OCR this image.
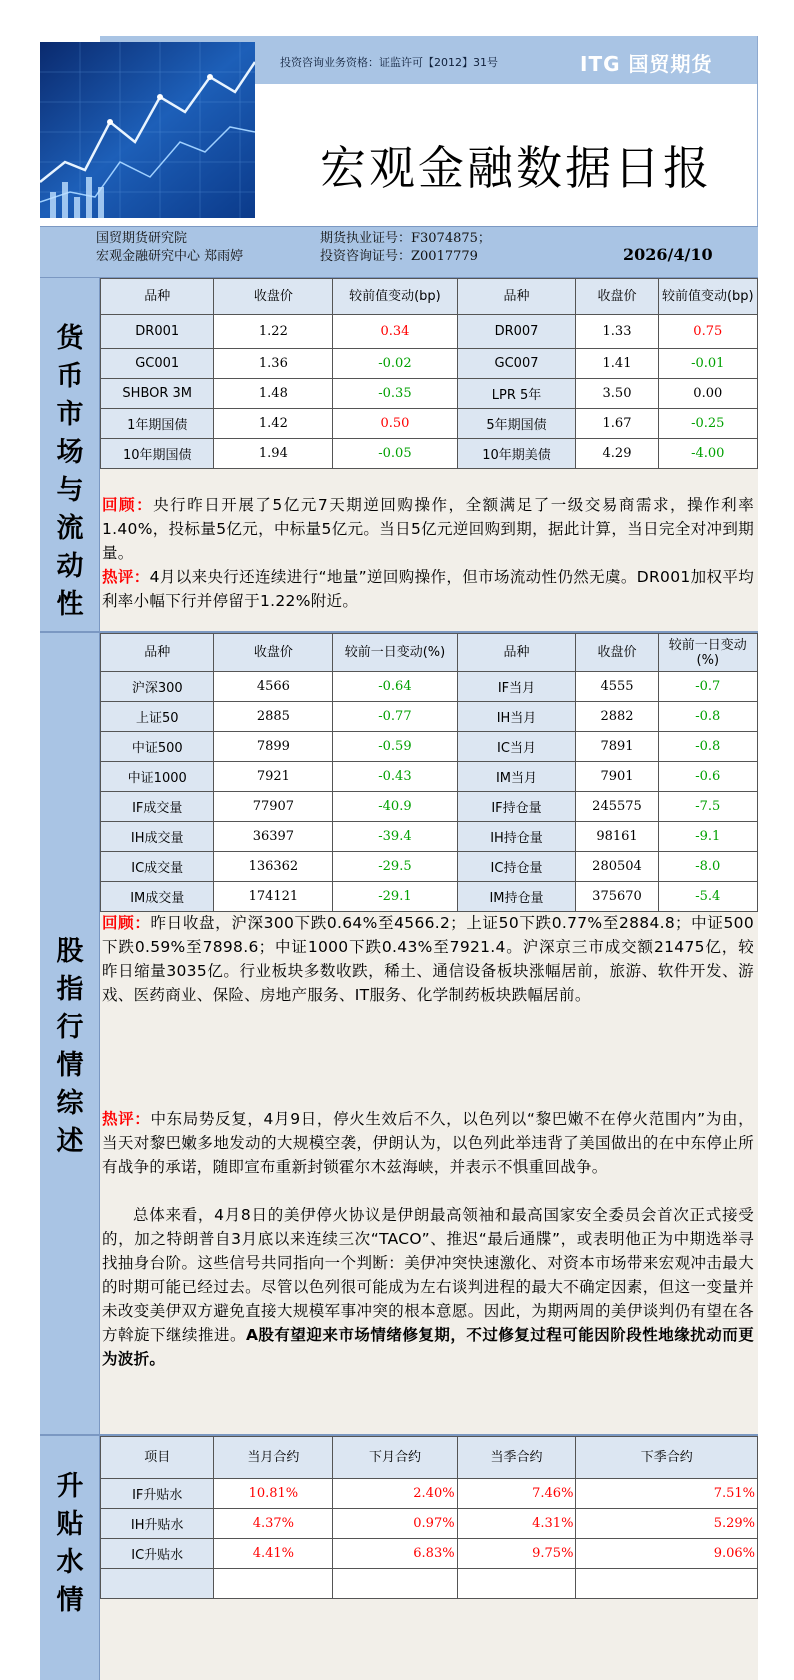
投资咨询业务资格：证监许可【2012】31号	ITG 国贸期货
宏观金融数据日报
国贸期货研究院
宏观金融研究中心 郑雨婷
期货执业证号：F3074875；
投资咨询证号：Z0017779	2026/4/10
货
币
市
场
与
流
动
性
品种	收盘价	较前值变动(bp)	品种	收盘价	较前值变动(bp)
DR001	1.22	0.34	DR007	1.33	0.75
GC001	1.36	-0.02	GC007	1.41	-0.01
SHBOR 3M	1.48	-0.35	LPR 5年	3.50	0.00
1年期国债	1.42	0.50	5年期国债	1.67	-0.25
10年期国债	1.94	-0.05	10年期美债	4.29	-4.00
回顾：央行昨日开展了5亿元7天期逆回购操作，全额满足了一级交易商需求，操作利率1.40%，投标量5亿元，中标量5亿元。当日5亿元逆回购到期，据此计算，当日完全对冲到期量。
热评：4月以来央行还连续进行“地量”逆回购操作，但市场流动性仍然无虞。DR001加权平均利率小幅下行并停留于1.22%附近。
股
指
行
情
综
述
品种	收盘价	较前一日变动(%)	品种	收盘价	较前一日变动(%)
沪深300	4566	-0.64	IF当月	4555	-0.7
上证50	2885	-0.77	IH当月	2882	-0.8
中证500	7899	-0.59	IC当月	7891	-0.8
中证1000	7921	-0.43	IM当月	7901	-0.6
IF成交量	77907	-40.9	IF持仓量	245575	-7.5
IH成交量	36397	-39.4	IH持仓量	98161	-9.1
IC成交量	136362	-29.5	IC持仓量	280504	-8.0
IM成交量	174121	-29.1	IM持仓量	375670	-5.4
回顾：昨日收盘，沪深300下跌0.64%至4566.2；上证50下跌0.77%至2884.8；中证500下跌0.59%至7898.6；中证1000下跌0.43%至7921.4。沪深京三市成交额21475亿，较昨日缩量3035亿。行业板块多数收跌，稀土、通信设备板块涨幅居前，旅游、软件开发、游戏、医药商业、保险、房地产服务、IT服务、化学制药板块跌幅居前。
热评：中东局势反复，4月9日，停火生效后不久，以色列以“黎巴嫩不在停火范围内”为由，当天对黎巴嫩多地发动的大规模空袭，伊朗认为，以色列此举违背了美国做出的在中东停止所有战争的承诺，随即宣布重新封锁霍尔木兹海峡，并表示不惧重回战争。
总体来看，4月8日的美伊停火协议是伊朗最高领袖和最高国家安全委员会首次正式接受的，加之特朗普自3月底以来连续三次“TACO”、推迟“最后通牒”，或表明他正为中期选举寻找抽身台阶。这些信号共同指向一个判断：美伊冲突快速激化、对资本市场带来宏观冲击最大的时期可能已经过去。尽管以色列很可能成为左右谈判进程的最大不确定因素，但这一变量并未改变美伊双方避免直接大规模军事冲突的根本意愿。因此，为期两周的美伊谈判仍有望在各方斡旋下继续推进。A股有望迎来市场情绪修复期，不过修复过程可能因阶段性地缘扰动而更为波折。
升
贴
水
情
项目	当月合约	下月合约	当季合约	下季合约
IF升贴水	10.81%	2.40%	7.46%	7.51%
IH升贴水	4.37%	0.97%	4.31%	5.29%
IC升贴水	4.41%	6.83%	9.75%	9.06%
